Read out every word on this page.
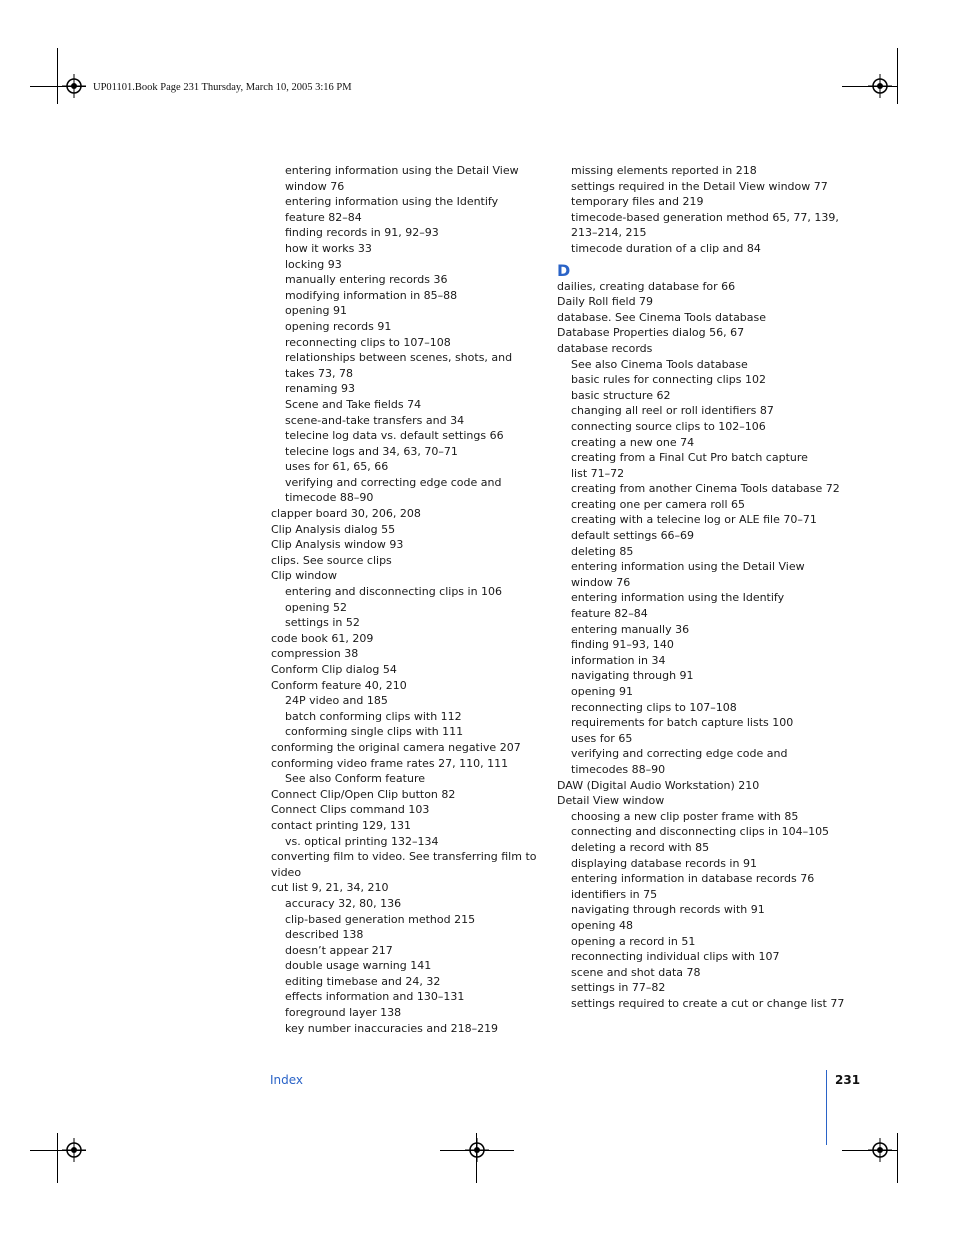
UP01101.Book Page 231 Thursday, March 10, 2005 3:16 PM
entering information using the Detail View
window 76
entering information using the Identify
feature 82–84
finding records in 91, 92–93
how it works 33
locking 93
manually entering records 36
modifying information in 85–88
opening 91
opening records 91
reconnecting clips to 107–108
relationships between scenes, shots, and
takes 73, 78
renaming 93
Scene and Take fields 74
scene-and-take transfers and 34
telecine log data vs. default settings 66
telecine logs and 34, 63, 70–71
uses for 61, 65, 66
verifying and correcting edge code and
timecode 88–90
clapper board 30, 206, 208
Clip Analysis dialog 55
Clip Analysis window 93
clips. See source clips
Clip window
entering and disconnecting clips in 106
opening 52
settings in 52
code book 61, 209
compression 38
Conform Clip dialog 54
Conform feature 40, 210
24P video and 185
batch conforming clips with 112
conforming single clips with 111
conforming the original camera negative 207
conforming video frame rates 27, 110, 111
See also Conform feature
Connect Clip/Open Clip button 82
Connect Clips command 103
contact printing 129, 131
vs. optical printing 132–134
converting film to video. See transferring film to
video
cut list 9, 21, 34, 210
accuracy 32, 80, 136
clip-based generation method 215
described 138
doesn’t appear 217
double usage warning 141
editing timebase and 24, 32
effects information and 130–131
foreground layer 138
key number inaccuracies and 218–219
missing elements reported in 218
settings required in the Detail View window 77
temporary files and 219
timecode-based generation method 65, 77, 139,
213–214, 215
timecode duration of a clip and 84
D
dailies, creating database for 66
Daily Roll field 79
database. See Cinema Tools database
Database Properties dialog 56, 67
database records
See also Cinema Tools database
basic rules for connecting clips 102
basic structure 62
changing all reel or roll identifiers 87
connecting source clips to 102–106
creating a new one 74
creating from a Final Cut Pro batch capture
list 71–72
creating from another Cinema Tools database 72
creating one per camera roll 65
creating with a telecine log or ALE file 70–71
default settings 66–69
deleting 85
entering information using the Detail View
window 76
entering information using the Identify
feature 82–84
entering manually 36
finding 91–93, 140
information in 34
navigating through 91
opening 91
reconnecting clips to 107–108
requirements for batch capture lists 100
uses for 65
verifying and correcting edge code and
timecodes 88–90
DAW (Digital Audio Workstation) 210
Detail View window
choosing a new clip poster frame with 85
connecting and disconnecting clips in 104–105
deleting a record with 85
displaying database records in 91
entering information in database records 76
identifiers in 75
navigating through records with 91
opening 48
opening a record in 51
reconnecting individual clips with 107
scene and shot data 78
settings in 77–82
settings required to create a cut or change list 77
Index	231
